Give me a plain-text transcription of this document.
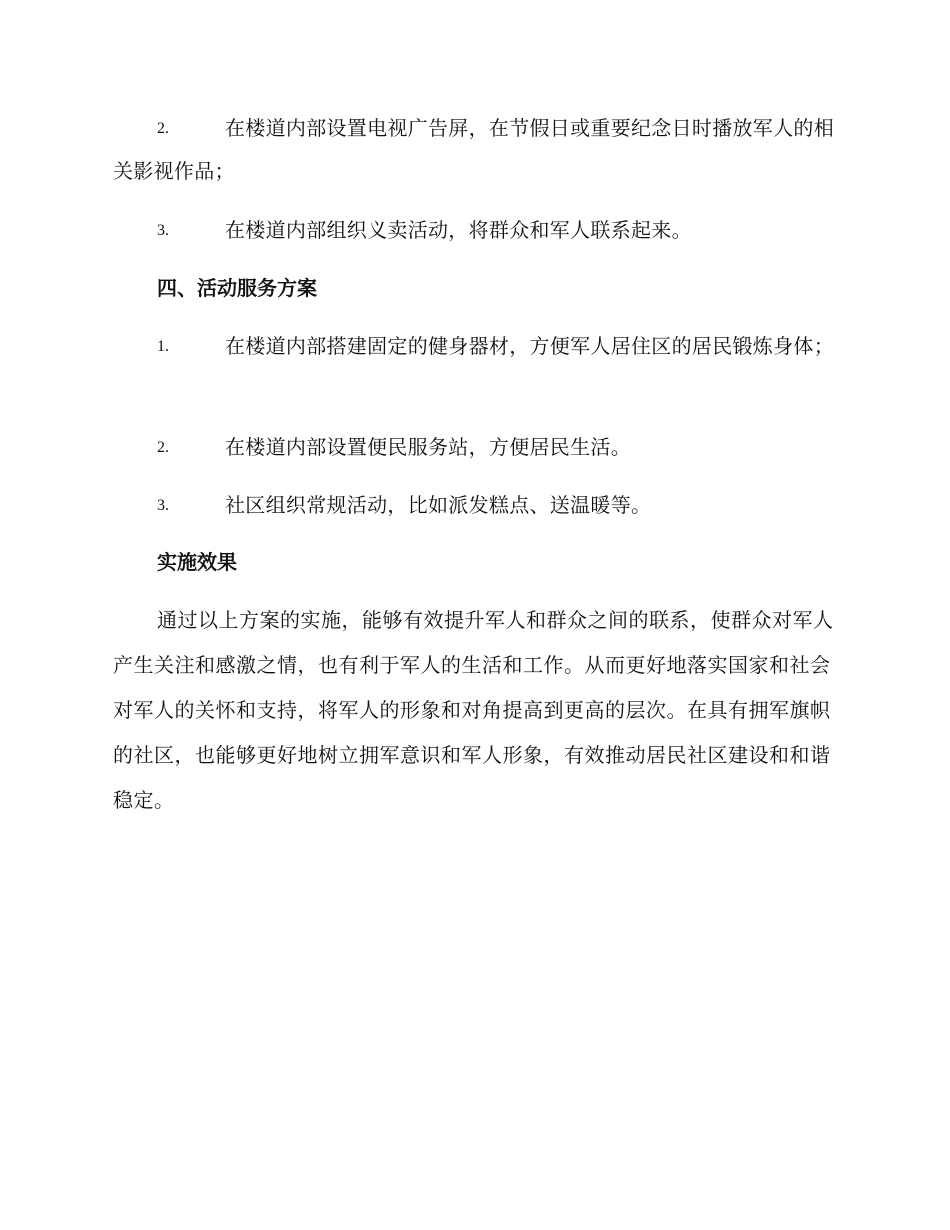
2.	在楼道内部设置电视广告屏，在节假日或重要纪念日时播放军人的相关影视作品；
3.	在楼道内部组织义卖活动，将群众和军人联系起来。
四、活动服务方案
1.	在楼道内部搭建固定的健身器材，方便军人居住区的居民锻炼身体；
2.	在楼道内部设置便民服务站，方便居民生活。
3.	社区组织常规活动，比如派发糕点、送温暖等。
实施效果
通过以上方案的实施，能够有效提升军人和群众之间的联系，使群众对军人产生关注和感激之情，也有利于军人的生活和工作。从而更好地落实国家和社会对军人的关怀和支持，将军人的形象和对角提高到更高的层次。在具有拥军旗帜的社区，也能够更好地树立拥军意识和军人形象，有效推动居民社区建设和和谐稳定。
